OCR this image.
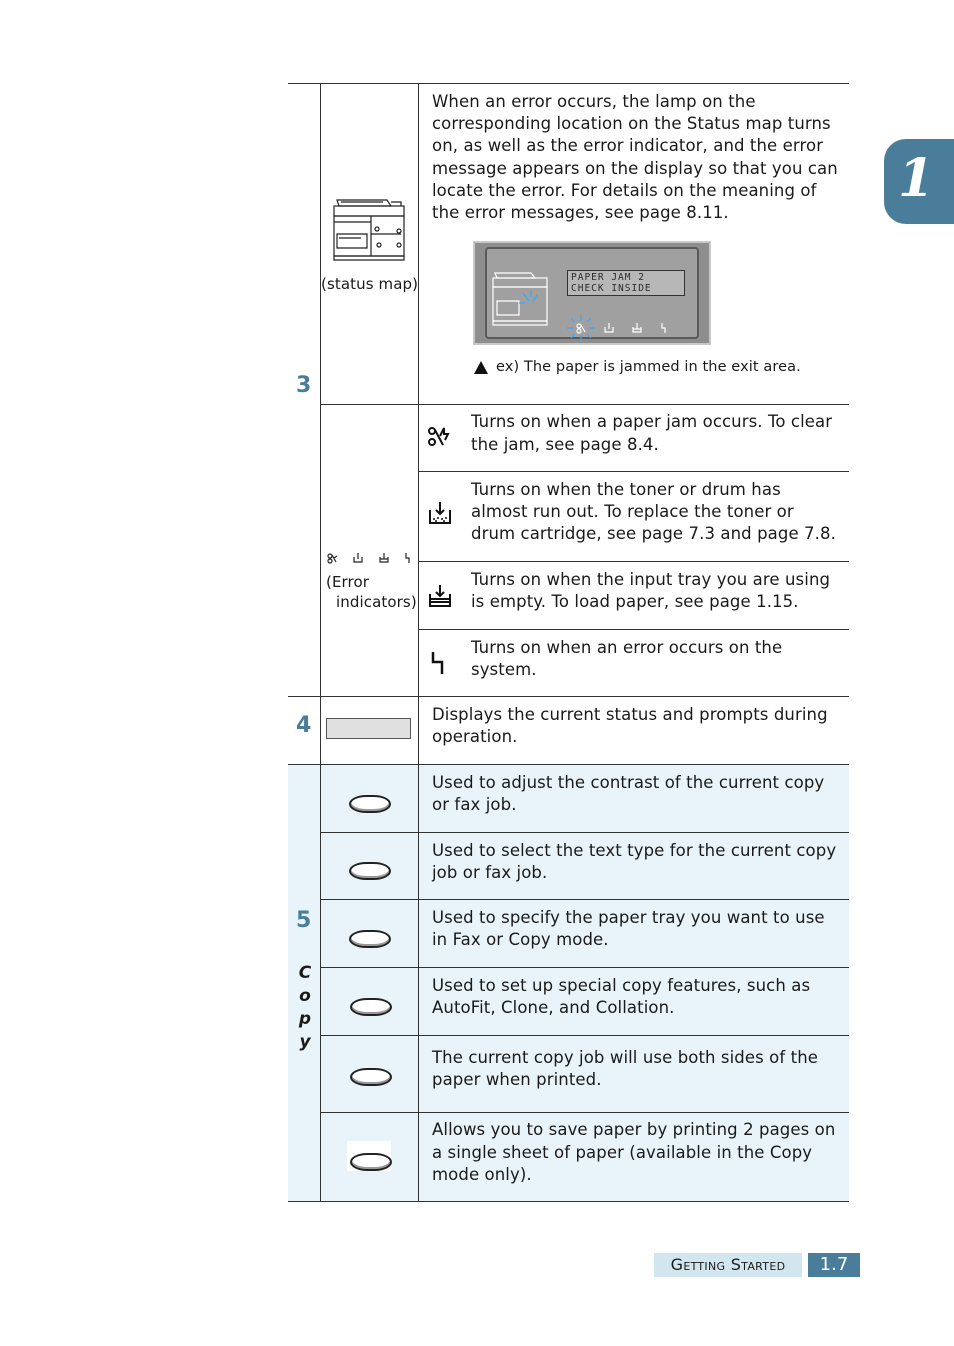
1
3
4
5
C
o
p
y
(status map)
When an error occurs, the lamp on the
corresponding location on the Status map turns
on, as well as the error indicator, and the error
message appears on the display so that you can
locate the error. For details on the meaning of
the error messages, see page 8.11.
PAPER JAM 2
CHECK INSIDE
ex) The paper is jammed in the exit area.
(Error
indicators)
Turns on when a paper jam occurs. To clear
the jam, see page 8.4.
Turns on when the toner or drum has
almost run out. To replace the toner or
drum cartridge, see page 7.3 and page 7.8.
Turns on when the input tray you are using
is empty. To load paper, see page 1.15.
Turns on when an error occurs on the
system.
Displays the current status and prompts during
operation.
Used to adjust the contrast of the current copy
or fax job.
Used to select the text type for the current copy
job or fax job.
Used to specify the paper tray you want to use
in Fax or Copy mode.
Used to set up special copy features, such as
AutoFit, Clone, and Collation.
The current copy job will use both sides of the
paper when printed.
Allows you to save paper by printing 2 pages on
a single sheet of paper (available in the Copy
mode only).
Getting Started	1.7
